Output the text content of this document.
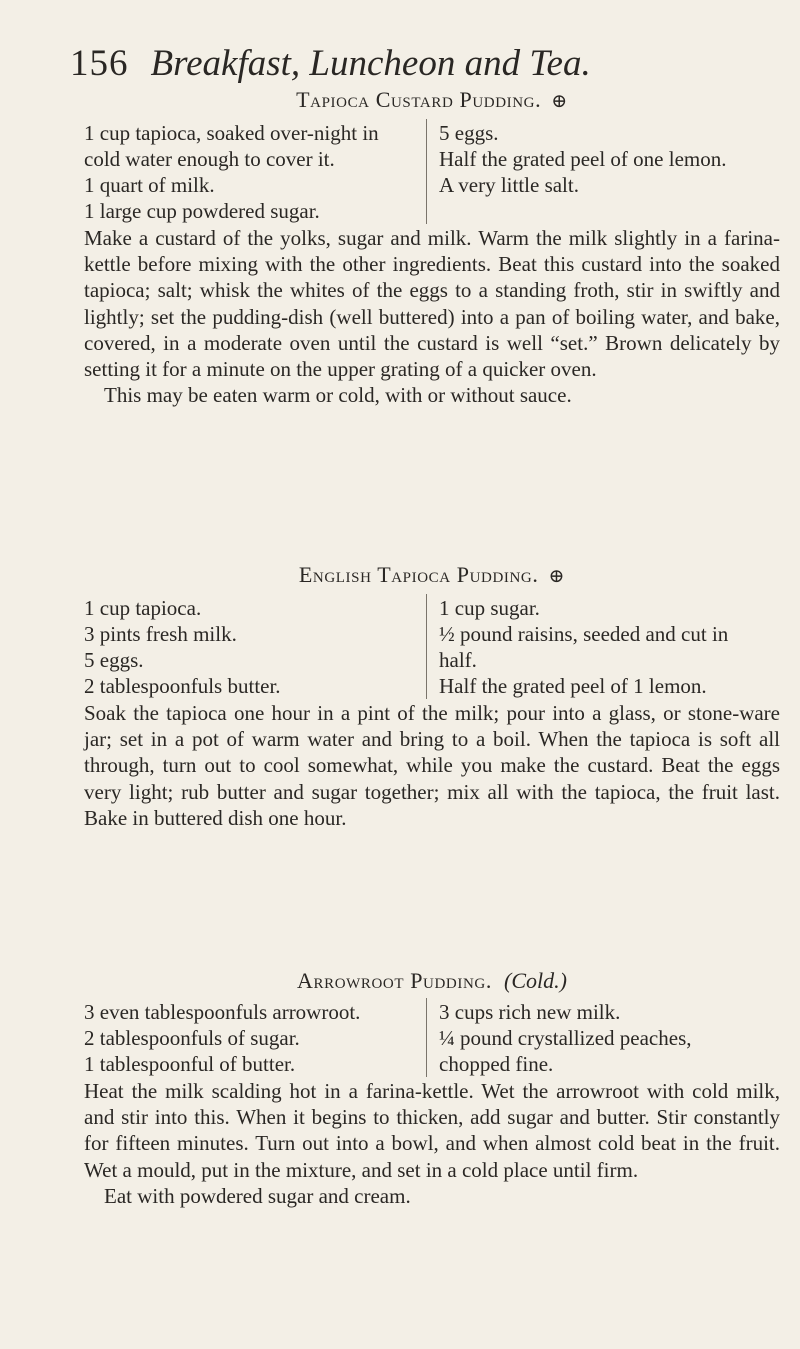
156 Breakfast, Luncheon and Tea.
Tapioca Custard Pudding. ⊕

1 cup tapioca, soaked over-night in cold water enough to cover it.

1 quart of milk.

1 large cup powdered sugar.

5 eggs.

Half the grated peel of one lemon.

A very little salt.

Make a custard of the yolks, sugar and milk. Warm the milk slightly in a farina-kettle before mixing with the other ingredients. Beat this custard into the soaked tapioca; salt; whisk the whites of the eggs to a standing froth, stir in swiftly and lightly; set the pudding-dish (well buttered) into a pan of boiling water, and bake, covered, in a moderate oven until the custard is well “set.” Brown delicately by setting it for a minute on the upper grating of a quicker oven.

This may be eaten warm or cold, with or without sauce.

English Tapioca Pudding. ⊕

1 cup tapioca.

3 pints fresh milk.

5 eggs.

2 tablespoonfuls butter.

1 cup sugar.

½ pound raisins, seeded and cut in half.

Half the grated peel of 1 lemon.

Soak the tapioca one hour in a pint of the milk; pour into a glass, or stone-ware jar; set in a pot of warm water and bring to a boil. When the tapioca is soft all through, turn out to cool somewhat, while you make the custard. Beat the eggs very light; rub butter and sugar together; mix all with the tapioca, the fruit last. Bake in buttered dish one hour.

Arrowroot Pudding. (Cold.)

3 even tablespoonfuls arrowroot.

2 tablespoonfuls of sugar.

1 tablespoonful of butter.

3 cups rich new milk.

¼ pound crystallized peaches, chopped fine.

Heat the milk scalding hot in a farina-kettle. Wet the arrowroot with cold milk, and stir into this. When it begins to thicken, add sugar and butter. Stir constantly for fifteen minutes. Turn out into a bowl, and when almost cold beat in the fruit. Wet a mould, put in the mixture, and set in a cold place until firm.

Eat with powdered sugar and cream.
